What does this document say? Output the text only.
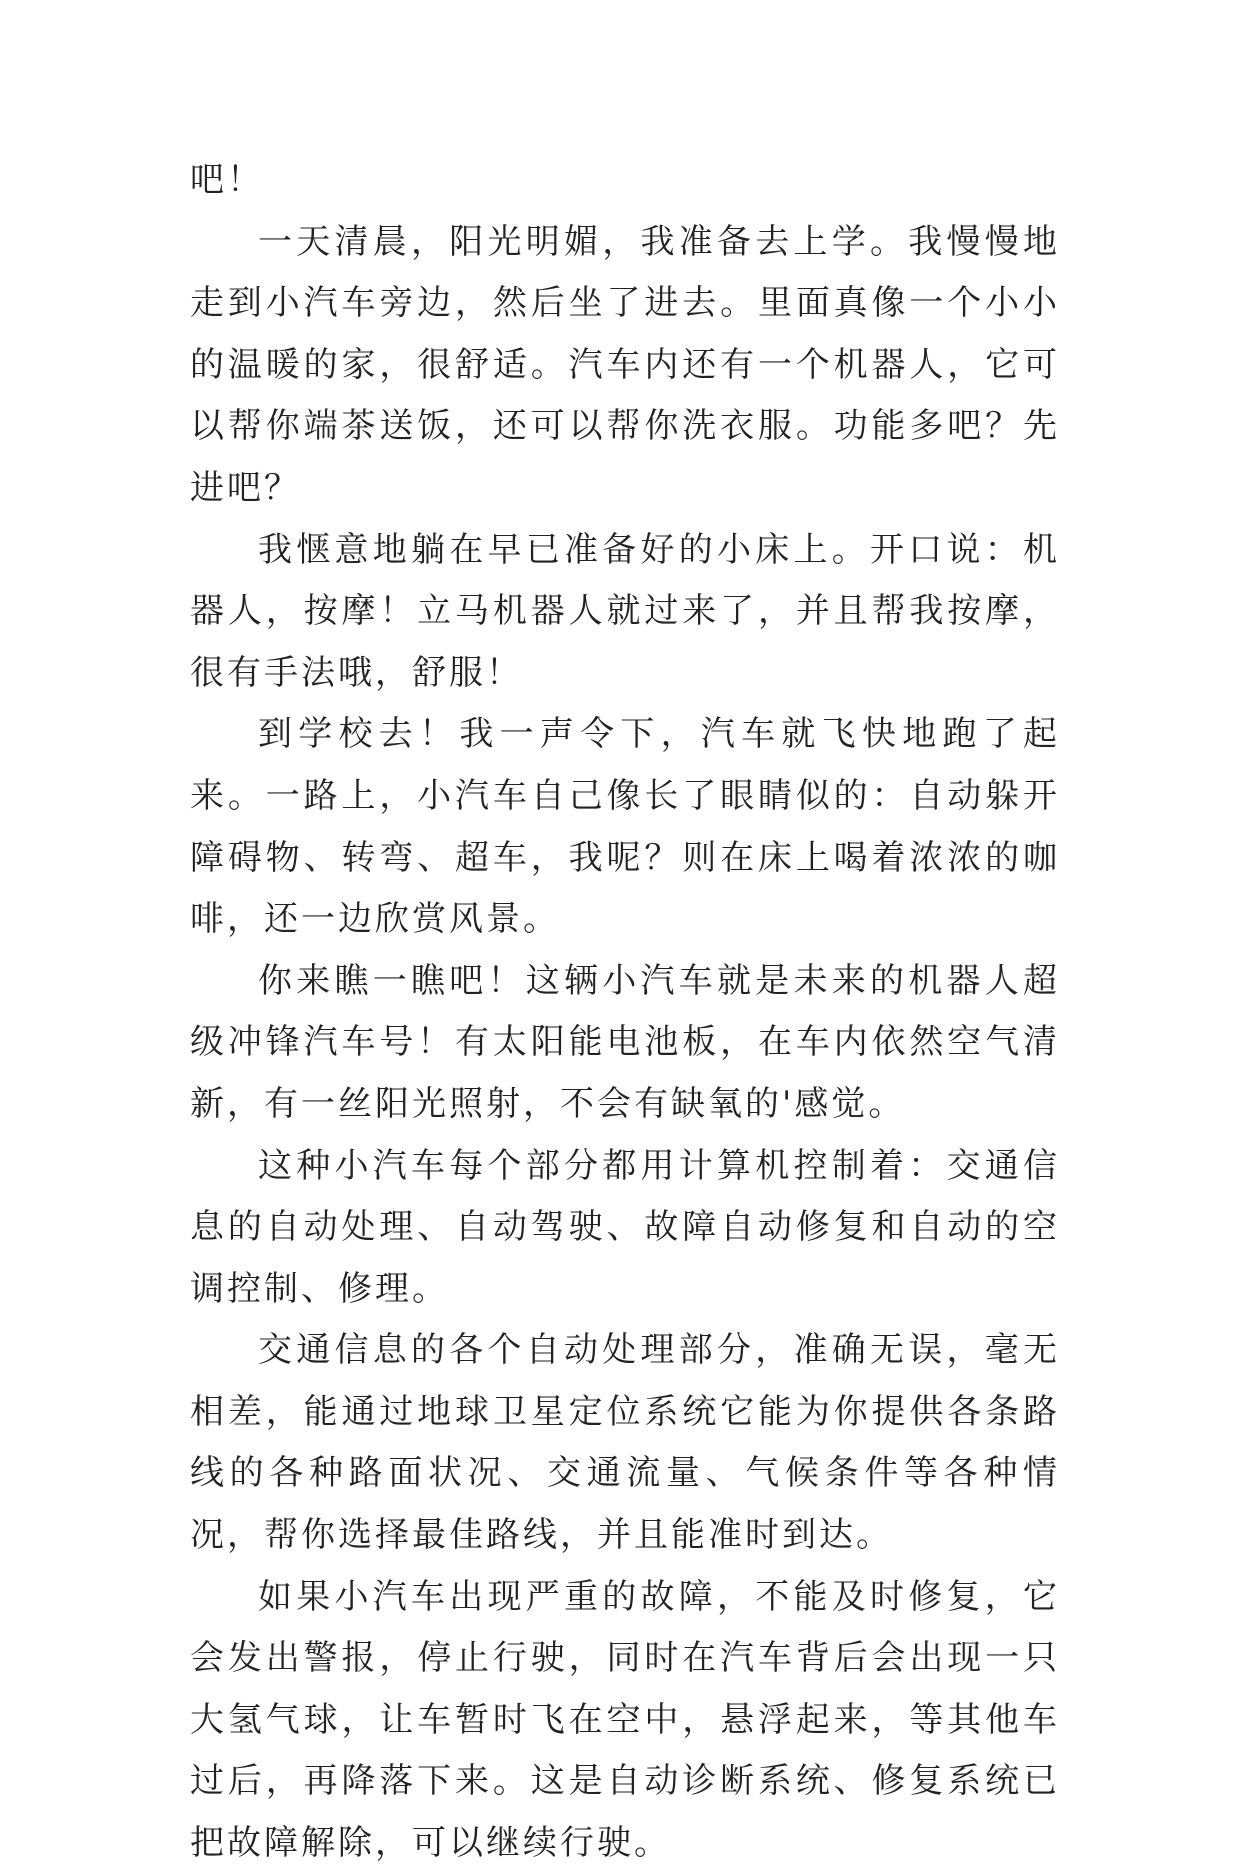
吧！

一天清晨，阳光明媚，我准备去上学。我慢慢地走到小汽车旁边，然后坐了进去。里面真像一个小小的温暖的家，很舒适。汽车内还有一个机器人，它可以帮你端茶送饭，还可以帮你洗衣服。功能多吧？先进吧？

我惬意地躺在早已准备好的小床上。开口说：机器人，按摩！立马机器人就过来了，并且帮我按摩，很有手法哦，舒服！

到学校去！我一声令下，汽车就飞快地跑了起来。一路上，小汽车自己像长了眼睛似的：自动躲开障碍物、转弯、超车，我呢？则在床上喝着浓浓的咖啡，还一边欣赏风景。

你来瞧一瞧吧！这辆小汽车就是未来的机器人超级冲锋汽车号！有太阳能电池板，在车内依然空气清新，有一丝阳光照射，不会有缺氧的'感觉。

这种小汽车每个部分都用计算机控制着：交通信息的自动处理、自动驾驶、故障自动修复和自动的空调控制、修理。

交通信息的各个自动处理部分，准确无误，毫无相差，能通过地球卫星定位系统它能为你提供各条路线的各种路面状况、交通流量、气候条件等各种情况，帮你选择最佳路线，并且能准时到达。

如果小汽车出现严重的故障，不能及时修复，它会发出警报，停止行驶，同时在汽车背后会出现一只大氢气球，让车暂时飞在空中，悬浮起来，等其他车过后，再降落下来。这是自动诊断系统、修复系统已把故障解除，可以继续行驶。
